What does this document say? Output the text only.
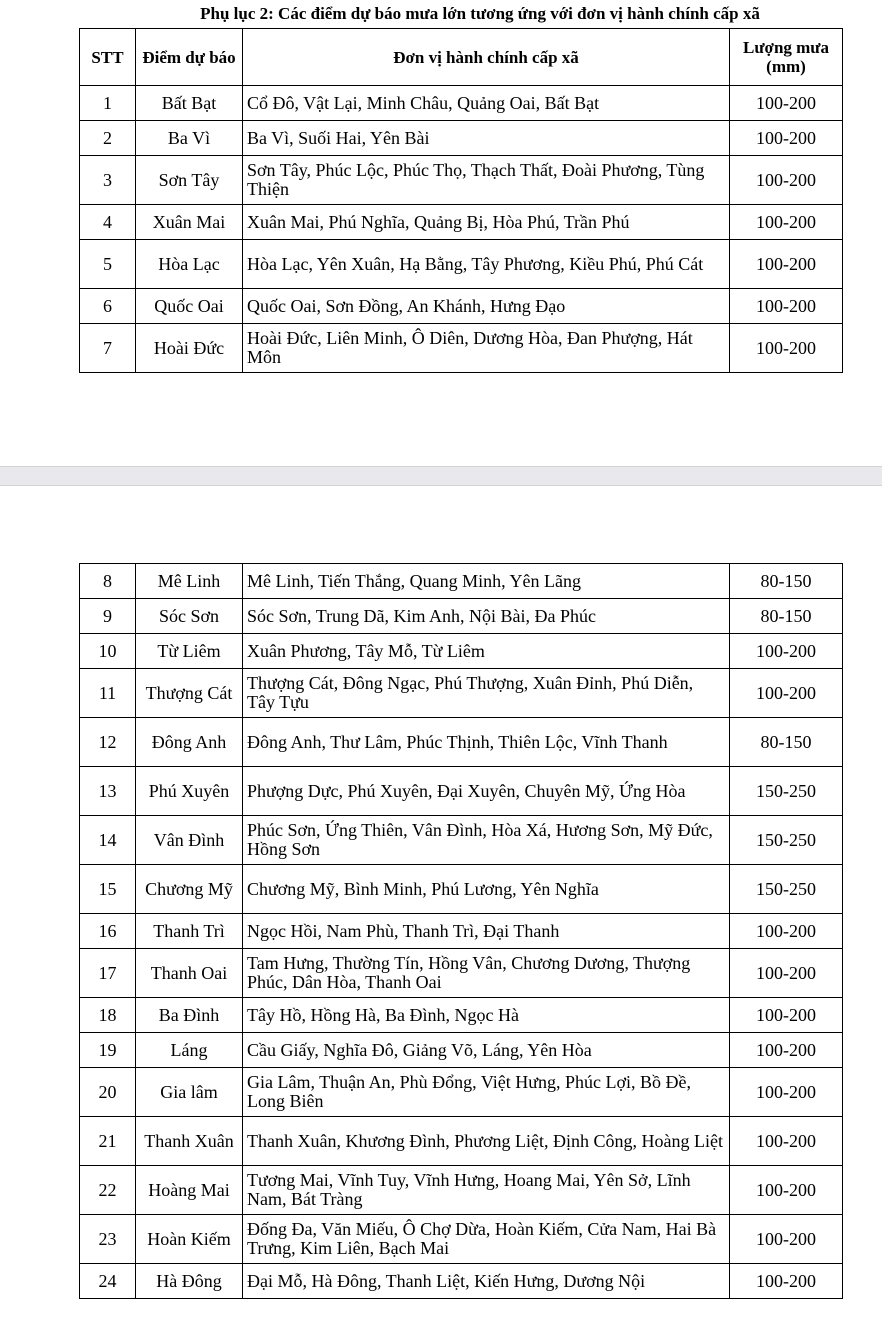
Phụ lục 2: Các điểm dự báo mưa lớn tương ứng với đơn vị hành chính cấp xã
STT	Điểm dự báo	Đơn vị hành chính cấp xã	Lượng mưa (mm)
1	Bất Bạt	Cổ Đô, Vật Lại, Minh Châu, Quảng Oai, Bất Bạt	100-200
2	Ba Vì	Ba Vì, Suối Hai, Yên Bài	100-200
3	Sơn Tây	Sơn Tây, Phúc Lộc, Phúc Thọ, Thạch Thất, Đoài Phương, Tùng Thiện	100-200
4	Xuân Mai	Xuân Mai, Phú Nghĩa, Quảng Bị, Hòa Phú, Trần Phú	100-200
5	Hòa Lạc	Hòa Lạc, Yên Xuân, Hạ Bằng, Tây Phương, Kiều Phú, Phú Cát	100-200
6	Quốc Oai	Quốc Oai, Sơn Đồng, An Khánh, Hưng Đạo	100-200
7	Hoài Đức	Hoài Đức, Liên Minh, Ô Diên, Dương Hòa, Đan Phượng, Hát Môn	100-200
8	Mê Linh	Mê Linh, Tiến Thắng, Quang Minh, Yên Lãng	80-150
9	Sóc Sơn	Sóc Sơn, Trung Dã, Kim Anh, Nội Bài, Đa Phúc	80-150
10	Từ Liêm	Xuân Phương, Tây Mỗ, Từ Liêm	100-200
11	Thượng Cát	Thượng Cát, Đông Ngạc, Phú Thượng, Xuân Đỉnh, Phú Diễn, Tây Tựu	100-200
12	Đông Anh	Đông Anh, Thư Lâm, Phúc Thịnh, Thiên Lộc, Vĩnh Thanh	80-150
13	Phú Xuyên	Phượng Dực, Phú Xuyên, Đại Xuyên, Chuyên Mỹ, Ứng Hòa	150-250
14	Vân Đình	Phúc Sơn, Ứng Thiên, Vân Đình, Hòa Xá, Hương Sơn, Mỹ Đức, Hồng Sơn	150-250
15	Chương Mỹ	Chương Mỹ, Bình Minh, Phú Lương, Yên Nghĩa	150-250
16	Thanh Trì	Ngọc Hồi, Nam Phù, Thanh Trì, Đại Thanh	100-200
17	Thanh Oai	Tam Hưng, Thường Tín, Hồng Vân, Chương Dương, Thượng Phúc, Dân Hòa, Thanh Oai	100-200
18	Ba Đình	Tây Hồ, Hồng Hà, Ba Đình, Ngọc Hà	100-200
19	Láng	Cầu Giấy, Nghĩa Đô, Giảng Võ, Láng, Yên Hòa	100-200
20	Gia lâm	Gia Lâm, Thuận An, Phù Đổng, Việt Hưng, Phúc Lợi, Bồ Đề, Long Biên	100-200
21	Thanh Xuân	Thanh Xuân, Khương Đình, Phương Liệt, Định Công, Hoàng Liệt	100-200
22	Hoàng Mai	Tương Mai, Vĩnh Tuy, Vĩnh Hưng, Hoang Mai, Yên Sở, Lĩnh Nam, Bát Tràng	100-200
23	Hoàn Kiếm	Đống Đa, Văn Miếu, Ô Chợ Dừa, Hoàn Kiếm, Cửa Nam, Hai Bà Trưng, Kim Liên, Bạch Mai	100-200
24	Hà Đông	Đại Mỗ, Hà Đông, Thanh Liệt, Kiến Hưng, Dương Nội	100-200
